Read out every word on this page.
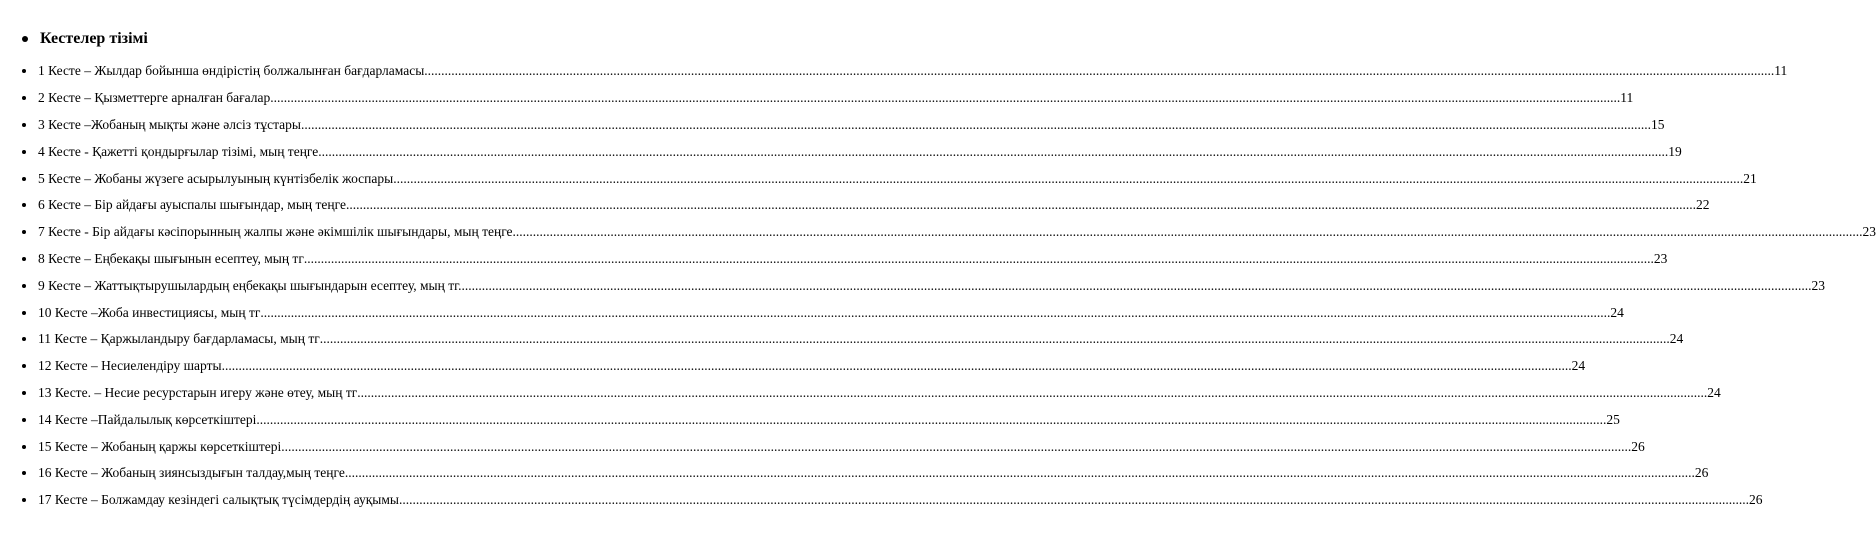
Кестелер тізімі
1 Кесте – Жылдар бойынша өндірістің болжалынған бағдарламасы ................................................................................................................................................................................................................................................................................................................................................................................................................ 11
2 Кесте – Қызметтерге арналған бағалар ................................................................................................................................................................................................................................................................................................................................................................................................................ 11
3 Кесте –Жобаның мықты және әлсіз тұстары ................................................................................................................................................................................................................................................................................................................................................................................................................ 15
4 Кесте - Қажетті қондырғылар тізімі, мың теңге ................................................................................................................................................................................................................................................................................................................................................................................................................ 19
5 Кесте – Жобаны жүзеге асырылуының күнтізбелік жоспары ................................................................................................................................................................................................................................................................................................................................................................................................................ 21
6 Кесте – Бір айдағы ауыспалы шығындар, мың теңге ................................................................................................................................................................................................................................................................................................................................................................................................................ 22
7 Кесте - Бір айдағы кәсіпорынның жалпы және әкімшілік шығындары, мың теңге ................................................................................................................................................................................................................................................................................................................................................................................................................ 23
8 Кесте – Еңбекақы шығынын есептеу, мың тг ................................................................................................................................................................................................................................................................................................................................................................................................................ 23
9 Кесте – Жаттықтырушылардың еңбекақы шығындарын есептеу, мың тг. ................................................................................................................................................................................................................................................................................................................................................................................................................ 23
10 Кесте –Жоба инвестициясы, мың тг ................................................................................................................................................................................................................................................................................................................................................................................................................ 24
11 Кесте – Қаржыландыру бағдарламасы, мың тг ................................................................................................................................................................................................................................................................................................................................................................................................................ 24
12 Кесте – Несиелендіру шарты ................................................................................................................................................................................................................................................................................................................................................................................................................ 24
13 Кесте. – Несие ресурстарын игеру және өтеу, мың тг ................................................................................................................................................................................................................................................................................................................................................................................................................ 24
14 Кесте –Пайдалылық көрсеткіштері ................................................................................................................................................................................................................................................................................................................................................................................................................ 25
15 Кесте – Жобаның қаржы көрсеткіштері ................................................................................................................................................................................................................................................................................................................................................................................................................ 26
16 Кесте – Жобаның зиянсыздығын талдау,мың теңге ................................................................................................................................................................................................................................................................................................................................................................................................................ 26
17 Кесте – Болжамдау кезіндегі салықтық түсімдердің ауқымы ................................................................................................................................................................................................................................................................................................................................................................................................................ 26
